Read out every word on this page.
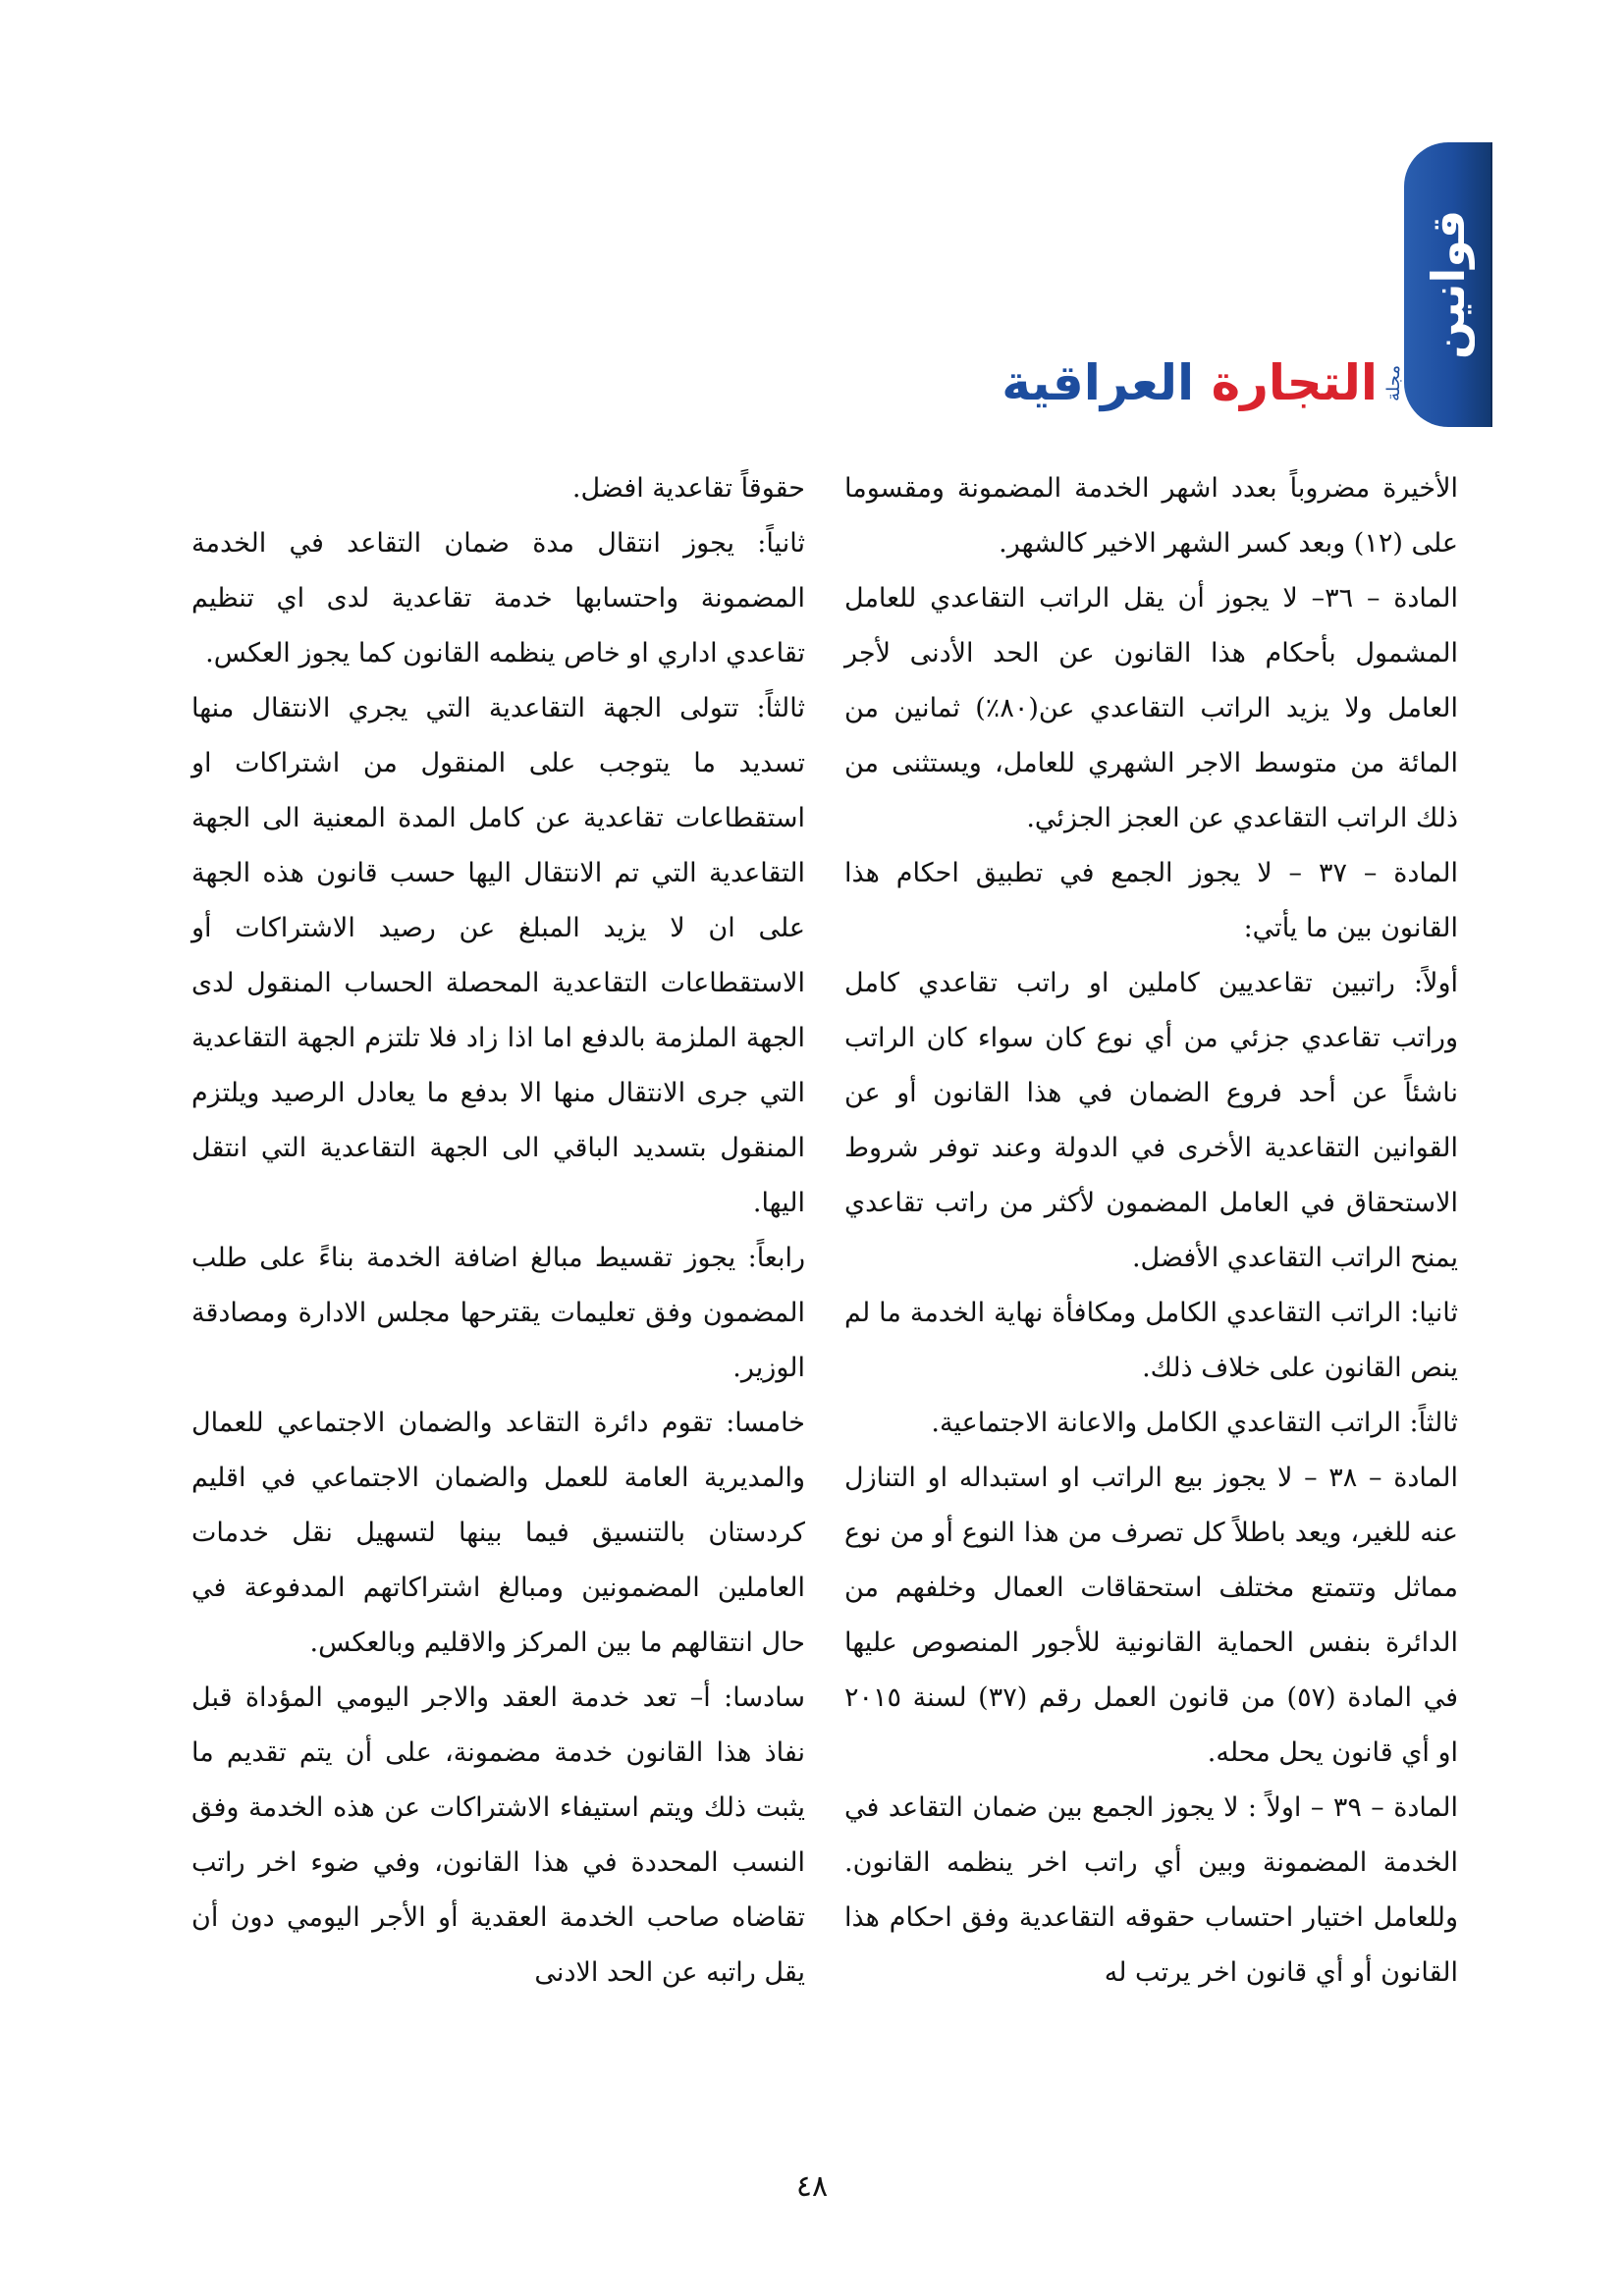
قوانين
مجلة
التجارة العراقية

الأخيرة مضروباً بعدد اشهر الخدمة المضمونة ومقسوما على (١٢) وبعد كسر الشهر الاخير كالشهر.

المادة – ٣٦– لا يجوز أن يقل الراتب التقاعدي للعامل المشمول بأحكام هذا القانون عن الحد الأدنى لأجر العامل ولا يزيد الراتب التقاعدي عن(٨٠٪) ثمانين من المائة من متوسط الاجر الشهري للعامل، ويستثنى من ذلك الراتب التقاعدي عن العجز الجزئي.

المادة – ٣٧ – لا يجوز الجمع في تطبيق احكام هذا القانون بين ما يأتي:

أولاً: راتبين تقاعديين كاملين او راتب تقاعدي كامل وراتب تقاعدي جزئي من أي نوع كان سواء كان الراتب ناشئاً عن أحد فروع الضمان في هذا القانون أو عن القوانين التقاعدية الأخرى في الدولة وعند توفر شروط الاستحقاق في العامل المضمون لأكثر من راتب تقاعدي يمنح الراتب التقاعدي الأفضل.

ثانيا: الراتب التقاعدي الكامل ومكافأة نهاية الخدمة ما لم ينص القانون على خلاف ذلك.

ثالثاً: الراتب التقاعدي الكامل والاعانة الاجتماعية.

المادة – ٣٨ – لا يجوز بيع الراتب او استبداله او التنازل عنه للغير، ويعد باطلاً كل تصرف من هذا النوع أو من نوع مماثل وتتمتع مختلف استحقاقات العمال وخلفهم من الدائرة بنفس الحماية القانونية للأجور المنصوص عليها في المادة (٥٧) من قانون العمل رقم (٣٧) لسنة ٢٠١٥ او أي قانون يحل محله.

المادة – ٣٩ – اولاً : لا يجوز الجمع بين ضمان التقاعد في الخدمة المضمونة وبين أي راتب اخر ينظمه القانون. وللعامل اختيار احتساب حقوقه التقاعدية وفق احكام هذا القانون أو أي قانون اخر يرتب له

حقوقاً تقاعدية افضل.

ثانياً: يجوز انتقال مدة ضمان التقاعد في الخدمة المضمونة واحتسابها خدمة تقاعدية لدى اي تنظيم تقاعدي اداري او خاص ينظمه القانون كما يجوز العكس.

ثالثاً: تتولى الجهة التقاعدية التي يجري الانتقال منها تسديد ما يتوجب على المنقول من اشتراكات او استقطاعات تقاعدية عن كامل المدة المعنية الى الجهة التقاعدية التي تم الانتقال اليها حسب قانون هذه الجهة على ان لا يزيد المبلغ عن رصيد الاشتراكات أو الاستقطاعات التقاعدية المحصلة الحساب المنقول لدى الجهة الملزمة بالدفع اما اذا زاد فلا تلتزم الجهة التقاعدية التي جرى الانتقال منها الا بدفع ما يعادل الرصيد ويلتزم المنقول بتسديد الباقي الى الجهة التقاعدية التي انتقل اليها.

رابعاً: يجوز تقسيط مبالغ اضافة الخدمة بناءً على طلب المضمون وفق تعليمات يقترحها مجلس الادارة ومصادقة الوزير.

خامسا: تقوم دائرة التقاعد والضمان الاجتماعي للعمال والمديرية العامة للعمل والضمان الاجتماعي في اقليم كردستان بالتنسيق فيما بينها لتسهيل نقل خدمات العاملين المضمونين ومبالغ اشتراكاتهم المدفوعة في حال انتقالهم ما بين المركز والاقليم وبالعكس.

سادسا: أ– تعد خدمة العقد والاجر اليومي المؤداة قبل نفاذ هذا القانون خدمة مضمونة، على أن يتم تقديم ما يثبت ذلك ويتم استيفاء الاشتراكات عن هذه الخدمة وفق النسب المحددة في هذا القانون، وفي ضوء اخر راتب تقاضاه صاحب الخدمة العقدية أو الأجر اليومي دون أن يقل راتبه عن الحد الادنى

٤٨
